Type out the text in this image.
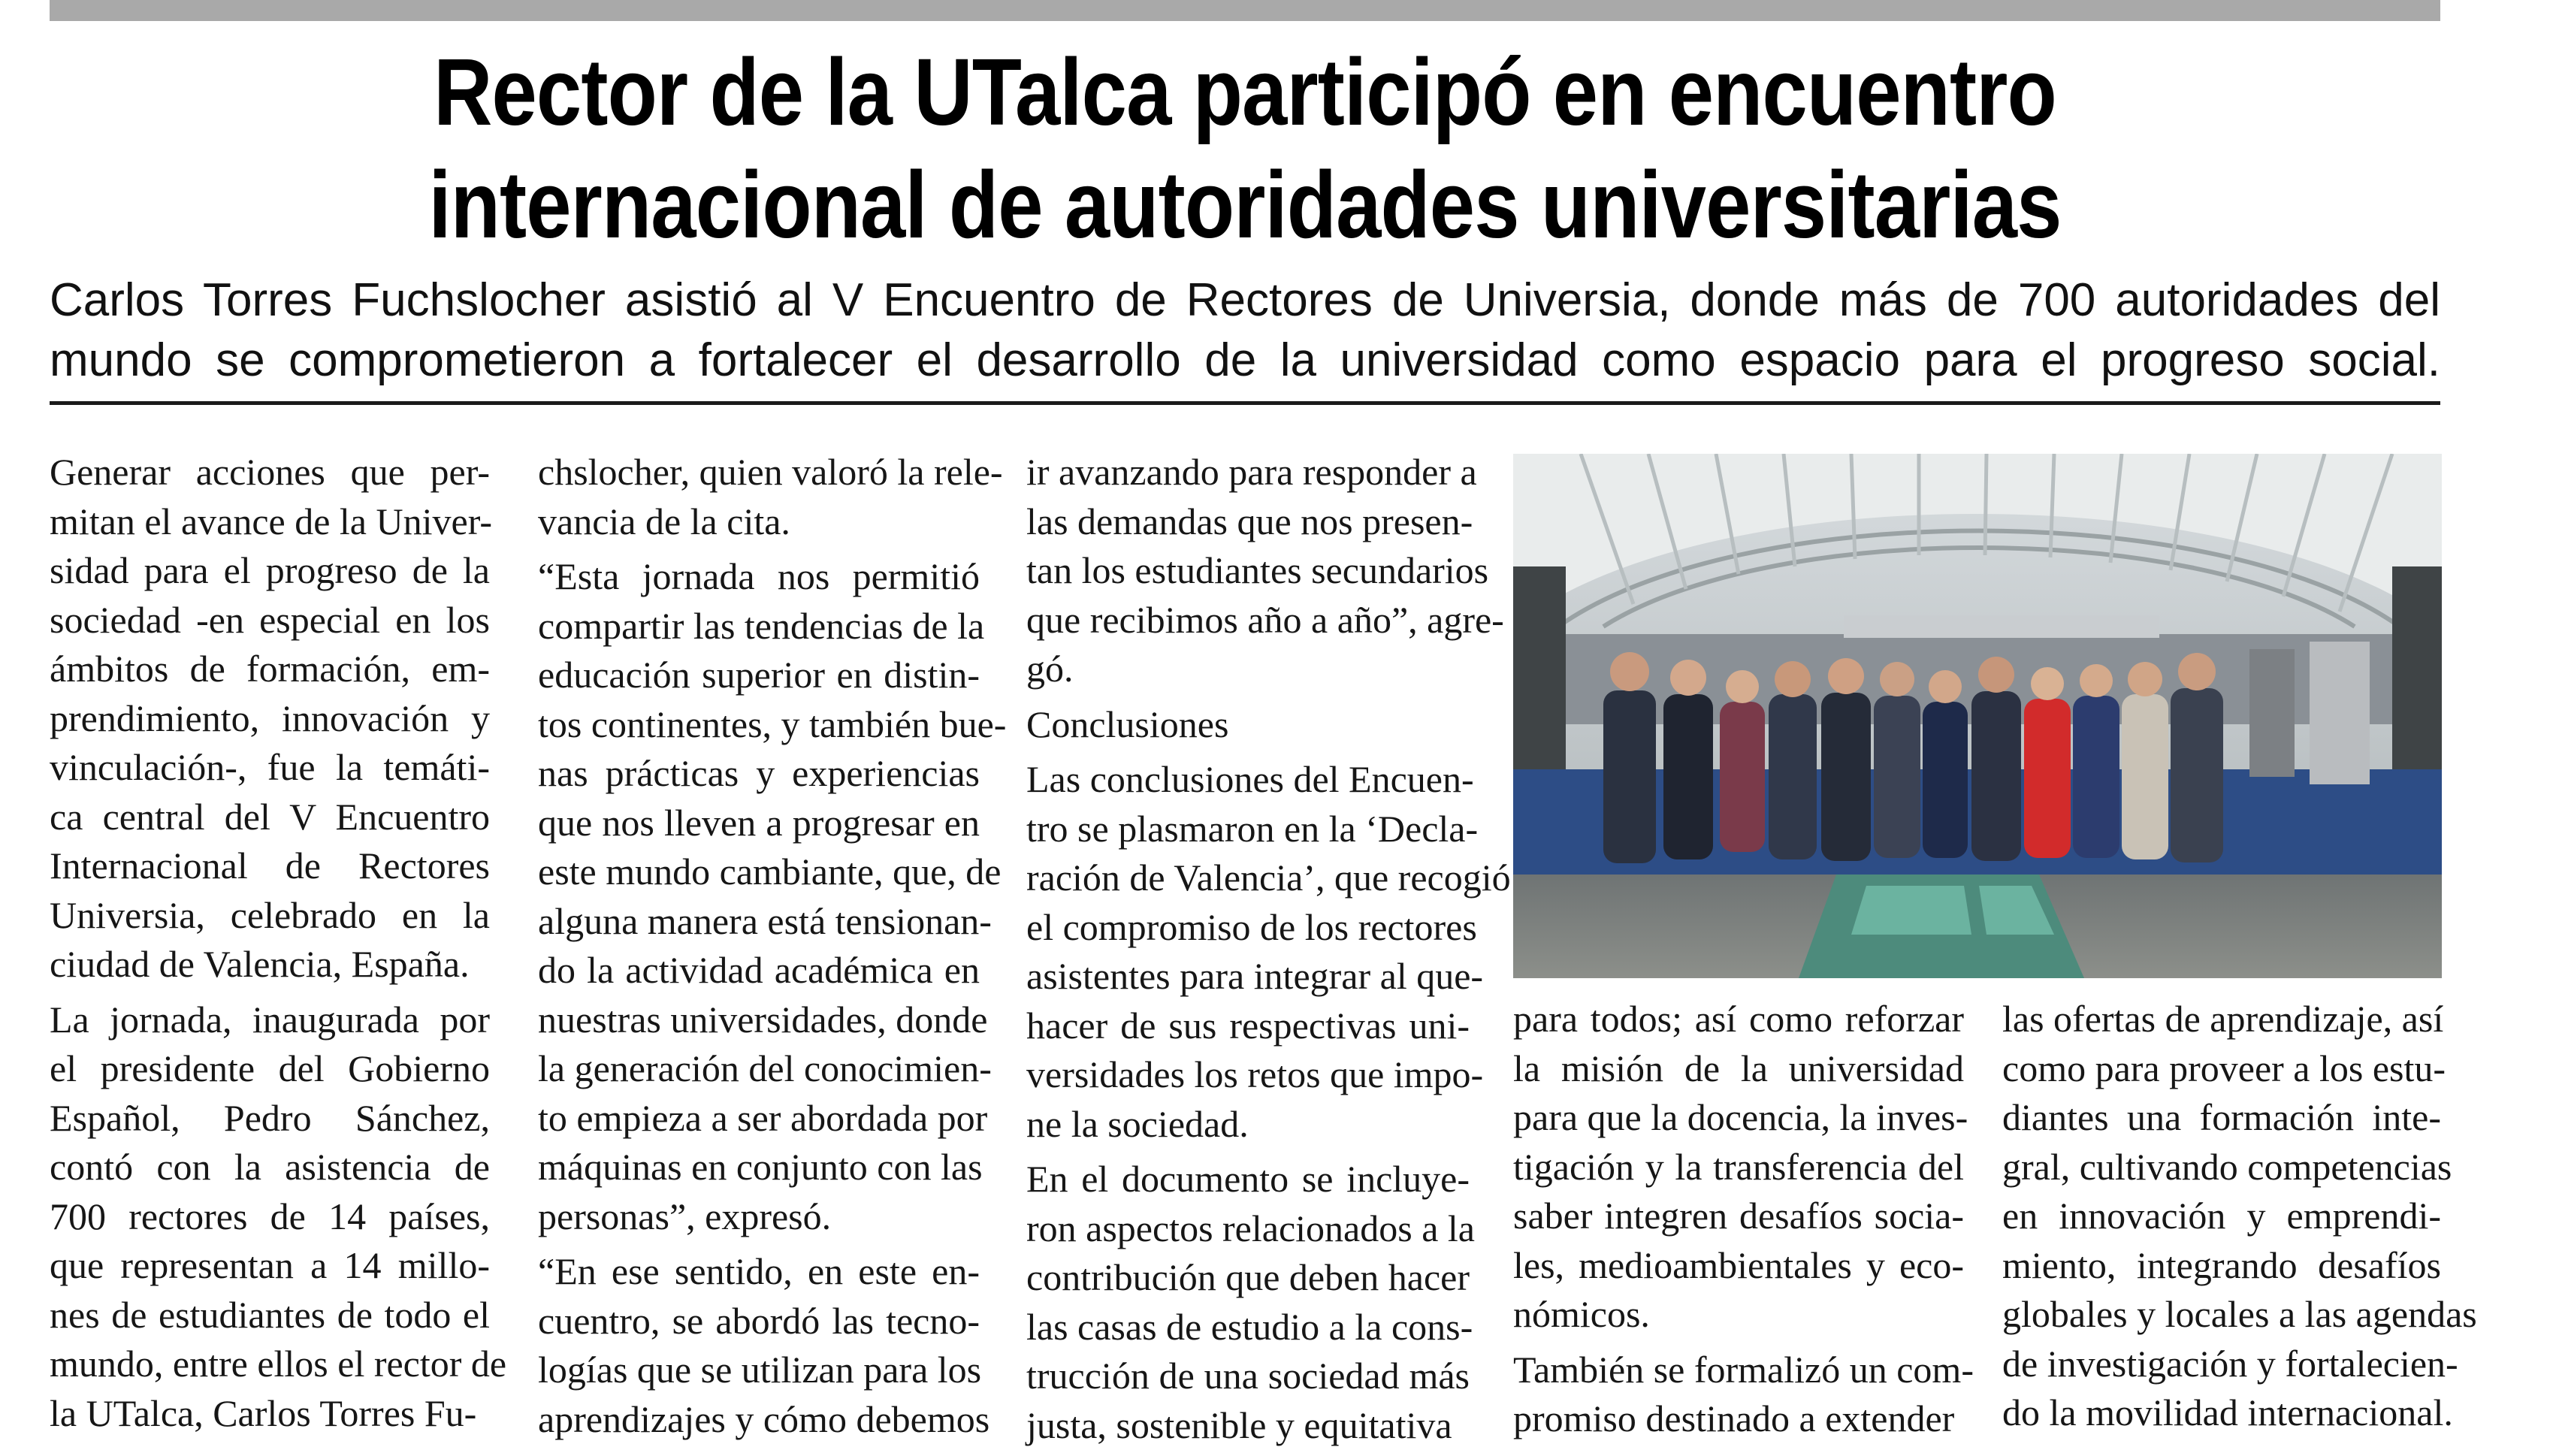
Rector de la UTalca participó en encuentro
internacional de autoridades universitarias
Carlos Torres Fuchslocher asistió al V Encuentro de Rectores de Universia, donde más de 700 autoridades del
mundo se comprometieron a fortalecer el desarrollo de la universidad como espacio para el progreso social.

Generar acciones que per-
mitan el avance de la Univer-
sidad para el progreso de la
sociedad -en especial en los
ámbitos de formación, em-
prendimiento, innovación y
vinculación-, fue la temáti-
ca central del V Encuentro
Internacional de Rectores
Universia, celebrado en la
ciudad de Valencia, España.

La jornada, inaugurada por
el presidente del Gobierno
Español, Pedro Sánchez,
contó con la asistencia de
700 rectores de 14 países,
que representan a 14 millo-
nes de estudiantes de todo el
mundo, entre ellos el rector de
la UTalca, Carlos Torres Fu-

chslocher, quien valoró la rele-
vancia de la cita.

“Esta jornada nos permitió
compartir las tendencias de la
educación superior en distin-
tos continentes, y también bue-
nas prácticas y experiencias
que nos lleven a progresar en
este mundo cambiante, que, de
alguna manera está tensionan-
do la actividad académica en
nuestras universidades, donde
la generación del conocimien-
to empieza a ser abordada por
máquinas en conjunto con las
personas”, expresó.

“En ese sentido, en este en-
cuentro, se abordó las tecno-
logías que se utilizan para los
aprendizajes y cómo debemos

ir avanzando para responder a
las demandas que nos presen-
tan los estudiantes secundarios
que recibimos año a año”, agre-
gó.

Conclusiones

Las conclusiones del Encuen-
tro se plasmaron en la ‘Decla-
ración de Valencia’, que recogió
el compromiso de los rectores
asistentes para integrar al que-
hacer de sus respectivas uni-
versidades los retos que impo-
ne la sociedad.

En el documento se incluye-
ron aspectos relacionados a la
contribución que deben hacer
las casas de estudio a la cons-
trucción de una sociedad más
justa, sostenible y equitativa

para todos; así como reforzar
la misión de la universidad
para que la docencia, la inves-
tigación y la transferencia del
saber integren desafíos socia-
les, medioambientales y eco-
nómicos.

También se formalizó un com-
promiso destinado a extender

las ofertas de aprendizaje, así
como para proveer a los estu-
diantes una formación inte-
gral, cultivando competencias
en innovación y emprendi-
miento, integrando desafíos
globales y locales a las agendas
de investigación y fortalecien-
do la movilidad internacional.
